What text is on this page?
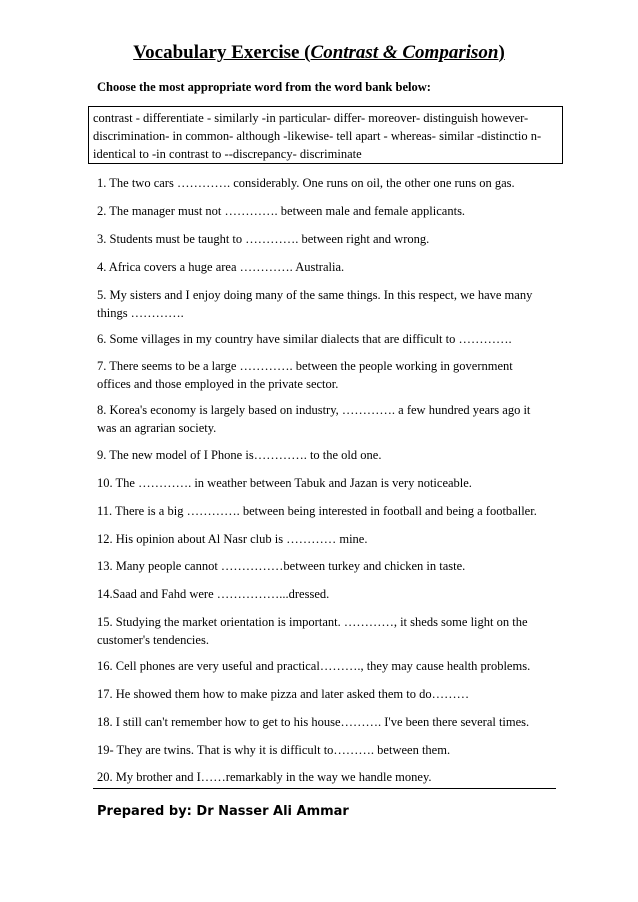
Vocabulary Exercise (Contrast & Comparison)
Choose the most appropriate word from the word bank below:
contrast - differentiate - similarly -in particular- differ- moreover- distinguish however-
discrimination- in common- although -likewise- tell apart - whereas- similar -distinctio n-
identical to -in contrast to --discrepancy- discriminate
1. The two cars …………. considerably. One runs on oil, the other one runs on gas.
2. The manager must not …………. between male and female applicants.
3. Students must be taught to …………. between right and wrong.
4. Africa covers a huge area …………. Australia.
5. My sisters and I enjoy doing many of the same things. In this respect, we have many things ………….
6. Some villages in my country have similar dialects that are difficult to ………….
7. There seems to be a large …………. between the people working in government offices and those employed in the private sector.
8. Korea's economy is largely based on industry, …………. a few hundred years ago it was an agrarian society.
9. The new model of I Phone is…………. to the old one.
10. The …………. in weather between Tabuk and Jazan is very noticeable.
11. There is a big …………. between being interested in football and being a footballer.
12. His opinion about Al Nasr club is ………… mine.
13. Many people cannot ……………between turkey and chicken in taste.
14.Saad and Fahd were ……………...dressed.
15. Studying the market orientation is important. …………, it sheds some light on the customer's tendencies.
16. Cell phones are very useful and practical………., they may cause health problems.
17. He showed them how to make pizza and later asked them to do………
18. I still can't remember how to get to his house………. I've been there several times.
19- They are twins. That is why it is difficult to………. between them.
20. My brother and I……remarkably in the way we handle money.
Prepared by: Dr Nasser Ali Ammar
